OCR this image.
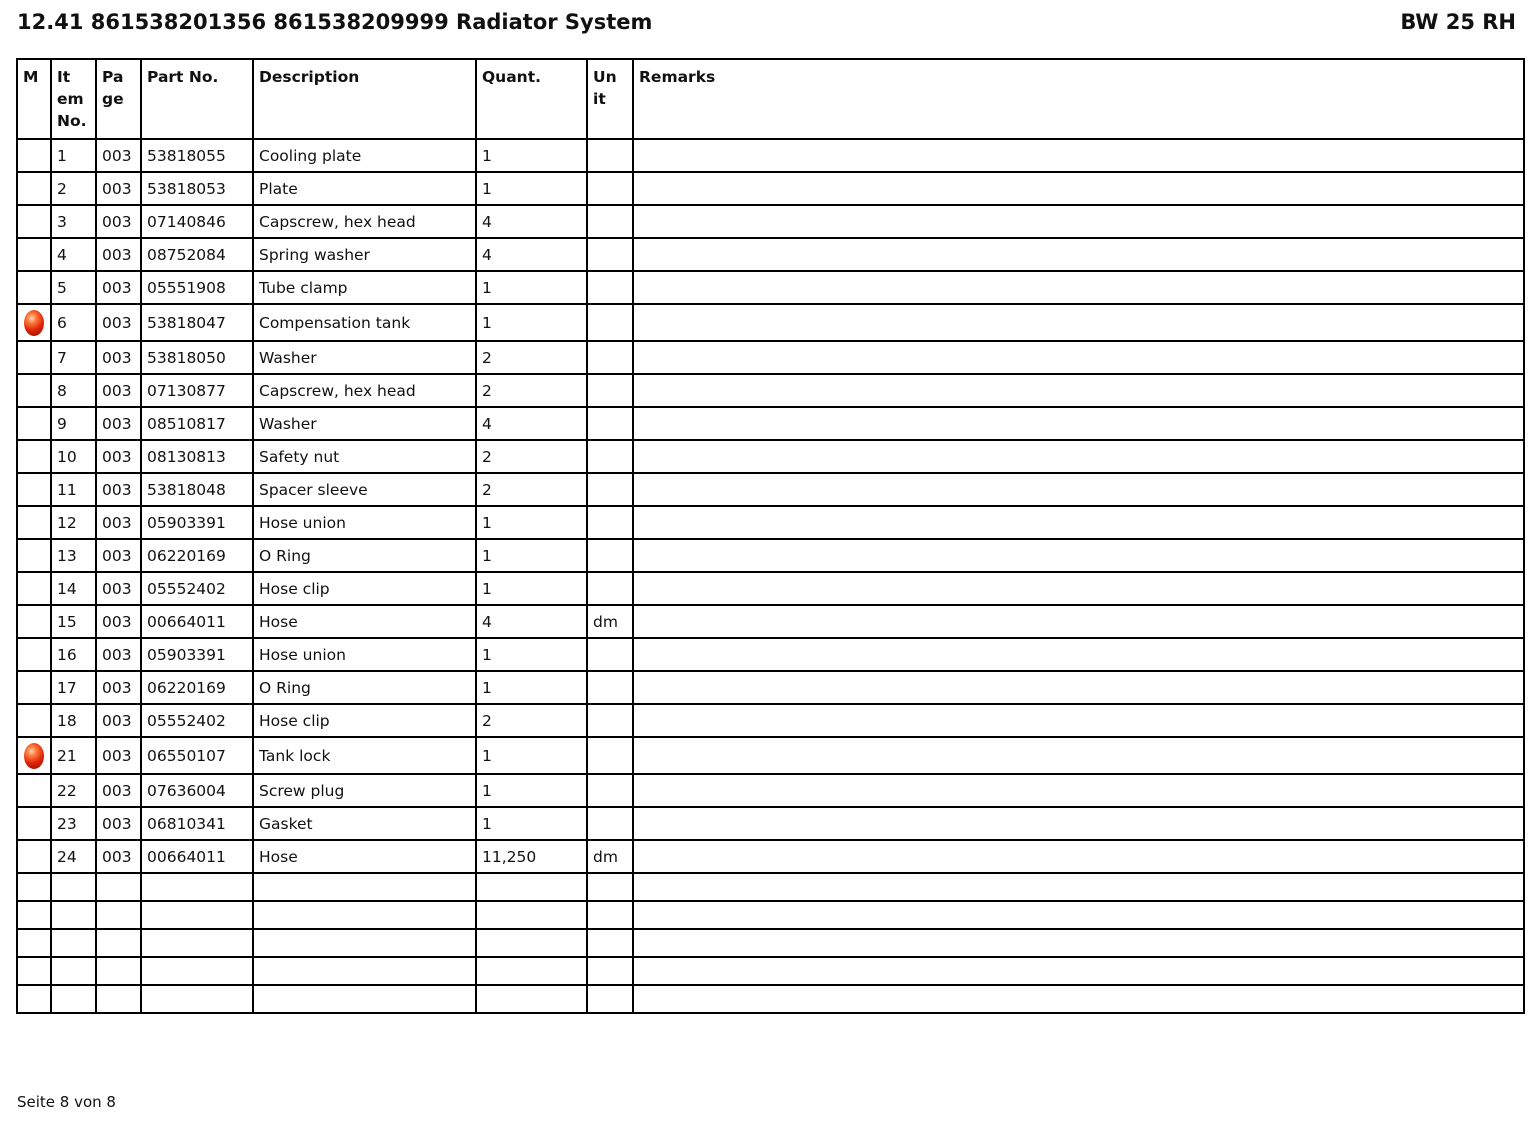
12.41 861538201356 861538209999 Radiator System	BW 25 RH
M	It em No.	Pa ge	Part No.	Description	Quant.	Un it	Remarks
	1	003	53818055	Cooling plate	1		
	2	003	53818053	Plate	1		
	3	003	07140846	Capscrew, hex head	4		
	4	003	08752084	Spring washer	4		
	5	003	05551908	Tube clamp	1		
	6	003	53818047	Compensation tank	1		
	7	003	53818050	Washer	2		
	8	003	07130877	Capscrew, hex head	2		
	9	003	08510817	Washer	4		
	10	003	08130813	Safety nut	2		
	11	003	53818048	Spacer sleeve	2		
	12	003	05903391	Hose union	1		
	13	003	06220169	O Ring	1		
	14	003	05552402	Hose clip	1		
	15	003	00664011	Hose	4	dm	
	16	003	05903391	Hose union	1		
	17	003	06220169	O Ring	1		
	18	003	05552402	Hose clip	2		
	21	003	06550107	Tank lock	1		
	22	003	07636004	Screw plug	1		
	23	003	06810341	Gasket	1		
	24	003	00664011	Hose	11,250	dm	

Seite 8 von 8
